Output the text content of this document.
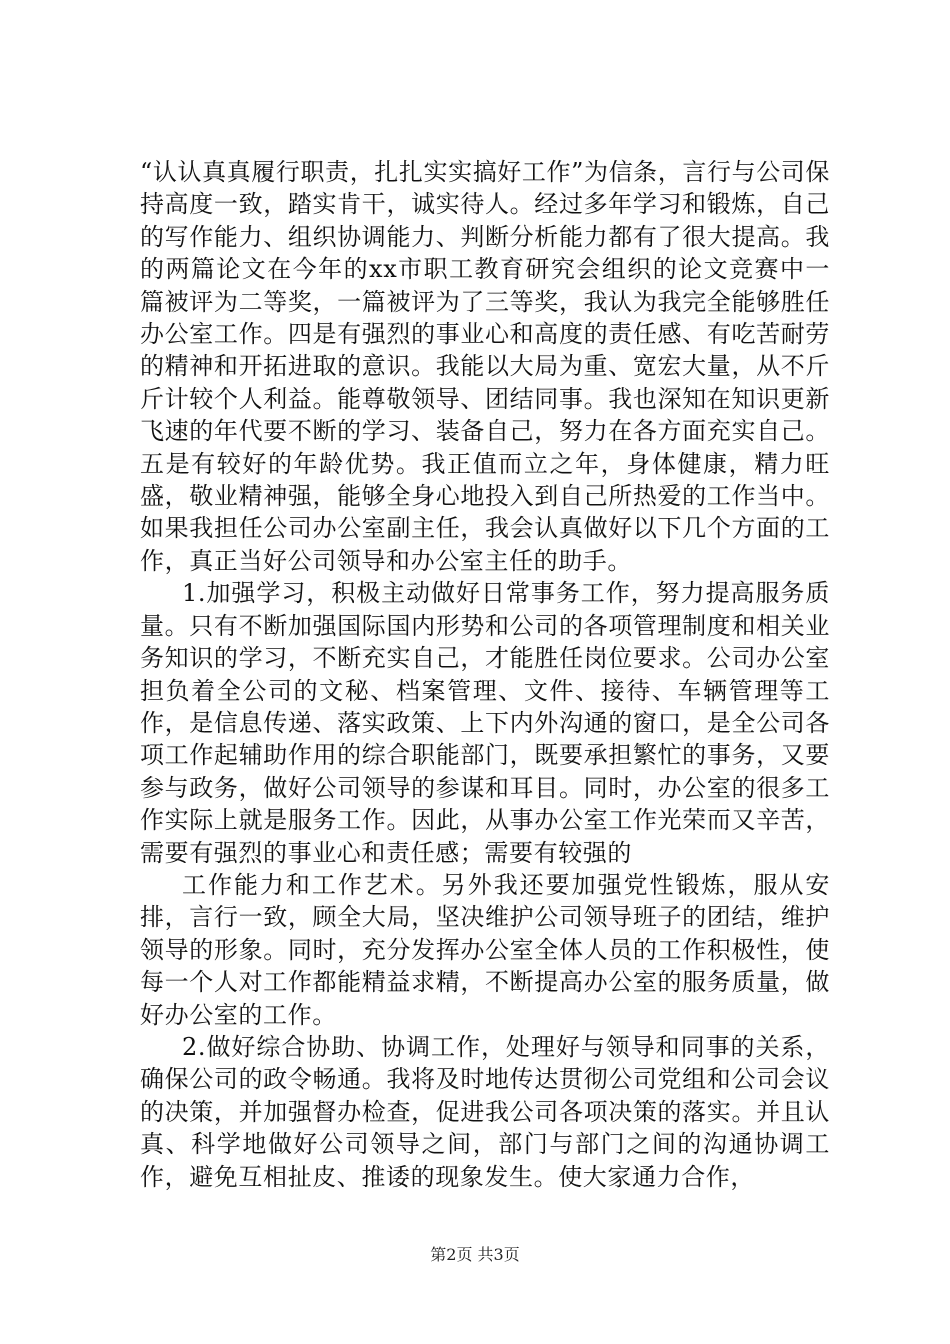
“认认真真履行职责，扎扎实实搞好工作”为信条，言行与公司保持高度一致，踏实肯干，诚实待人。经过多年学习和锻炼，自己的写作能力、组织协调能力、判断分析能力都有了很大提高。我的两篇论文在今年的xx市职工教育研究会组织的论文竞赛中一篇被评为二等奖，一篇被评为了三等奖，我认为我完全能够胜任办公室工作。四是有强烈的事业心和高度的责任感、有吃苦耐劳的精神和开拓进取的意识。我能以大局为重、宽宏大量，从不斤斤计较个人利益。能尊敬领导、团结同事。我也深知在知识更新飞速的年代要不断的学习、装备自己，努力在各方面充实自己。五是有较好的年龄优势。我正值而立之年，身体健康，精力旺盛，敬业精神强，能够全身心地投入到自己所热爱的工作当中。如果我担任公司办公室副主任，我会认真做好以下几个方面的工作，真正当好公司领导和办公室主任的助手。

1.加强学习，积极主动做好日常事务工作，努力提高服务质量。只有不断加强国际国内形势和公司的各项管理制度和相关业务知识的学习，不断充实自己，才能胜任岗位要求。公司办公室担负着全公司的文秘、档案管理、文件、接待、车辆管理等工作，是信息传递、落实政策、上下内外沟通的窗口，是全公司各项工作起辅助作用的综合职能部门，既要承担繁忙的事务，又要参与政务，做好公司领导的参谋和耳目。同时，办公室的很多工作实际上就是服务工作。因此，从事办公室工作光荣而又辛苦，需要有强烈的事业心和责任感；需要有较强的

工作能力和工作艺术。另外我还要加强党性锻炼，服从安排，言行一致，顾全大局，坚决维护公司领导班子的团结，维护领导的形象。同时，充分发挥办公室全体人员的工作积极性，使每一个人对工作都能精益求精，不断提高办公室的服务质量，做好办公室的工作。

2.做好综合协助、协调工作，处理好与领导和同事的关系，确保公司的政令畅通。我将及时地传达贯彻公司党组和公司会议的决策，并加强督办检查，促进我公司各项决策的落实。并且认真、科学地做好公司领导之间，部门与部门之间的沟通协调工作，避免互相扯皮、推诿的现象发生。使大家通力合作，

第2页 共3页
